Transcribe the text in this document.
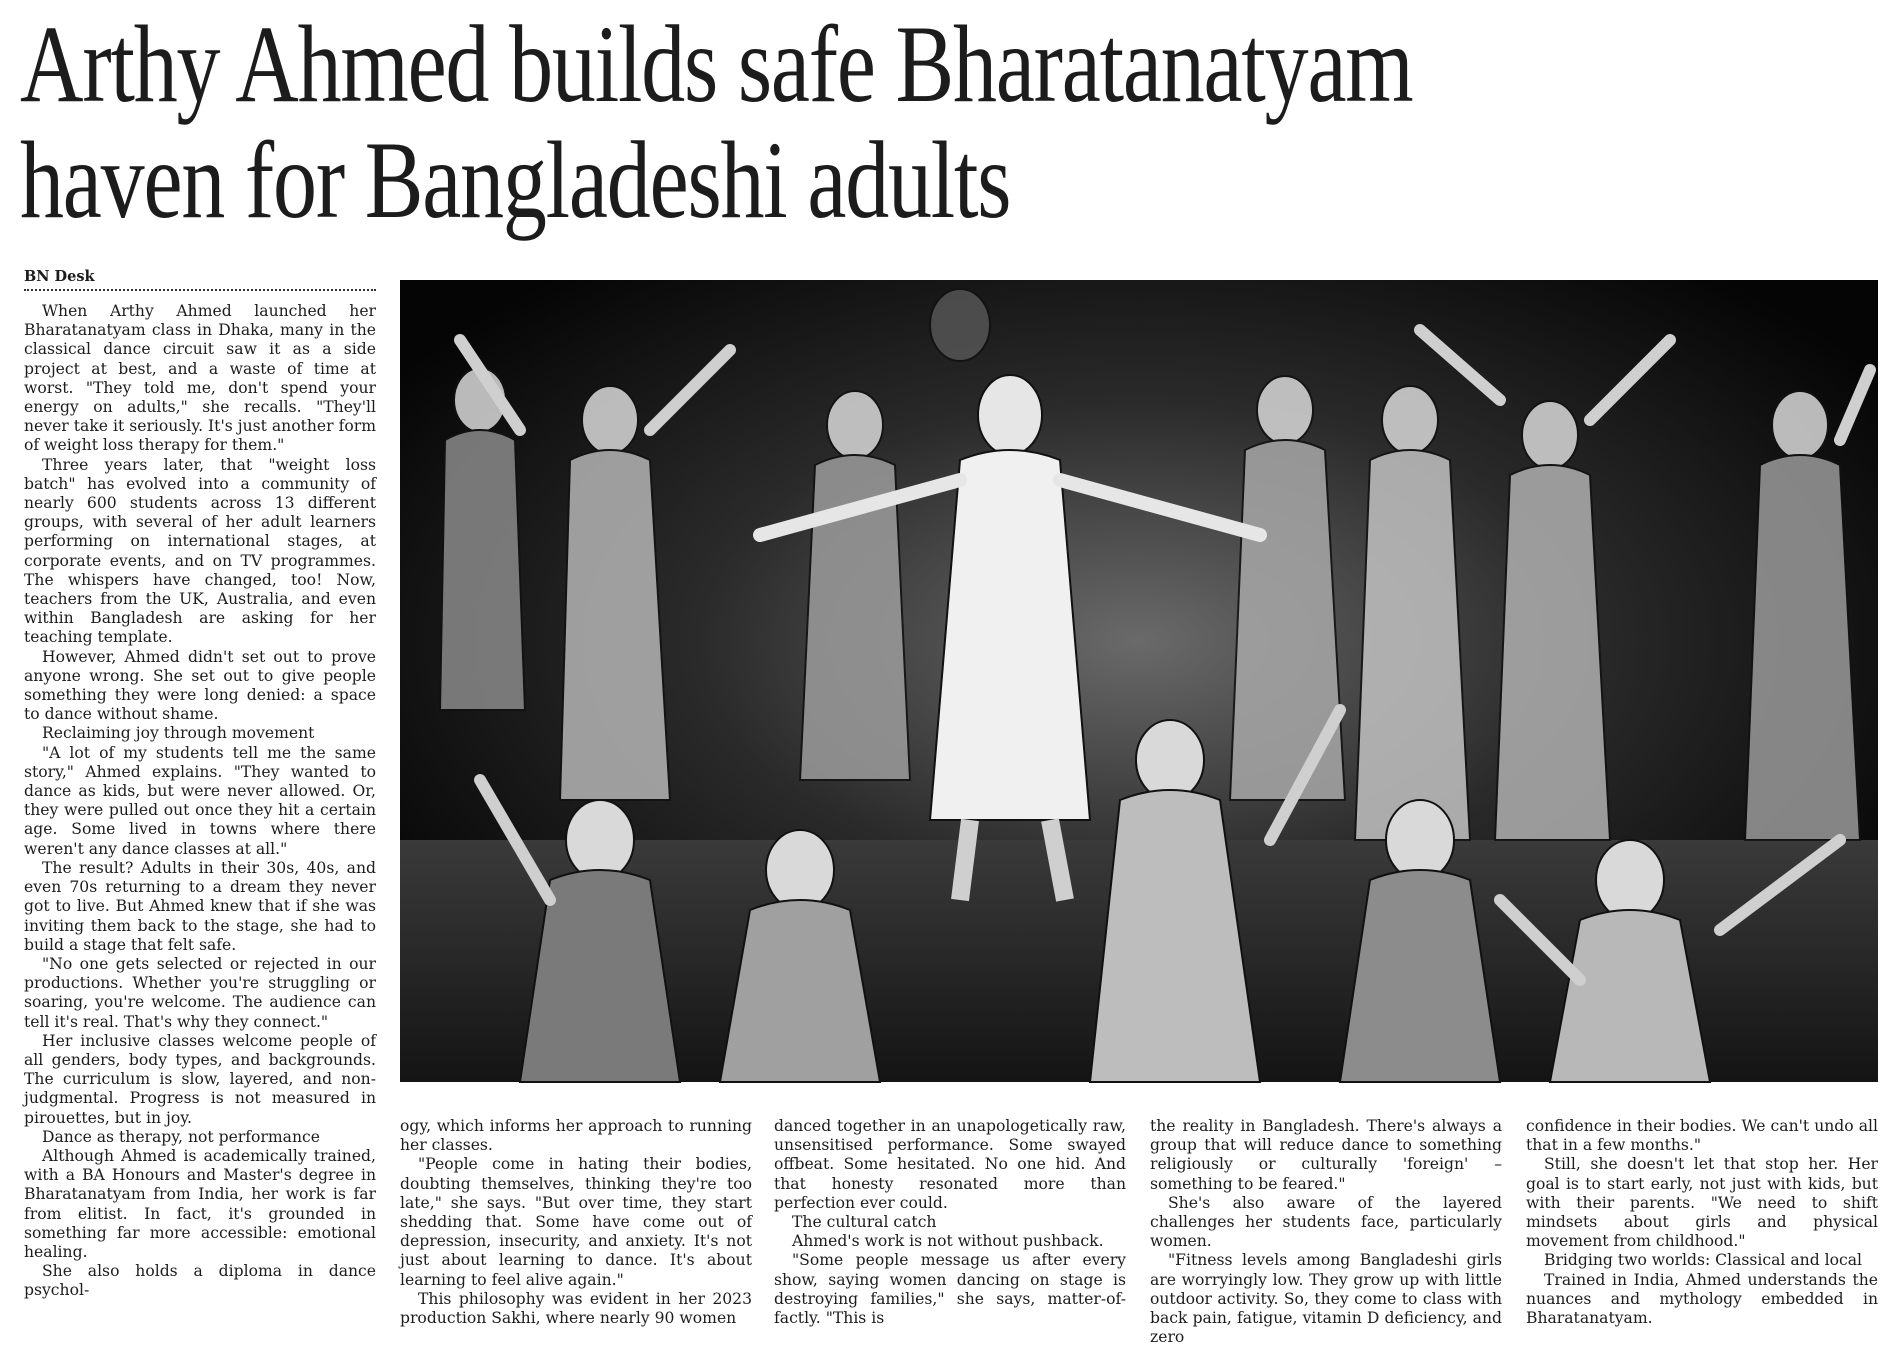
Arthy Ahmed builds safe Bharatanatyam
haven for Bangladeshi adults
BN Desk

When Arthy Ahmed launched her Bharatanatyam class in Dhaka, many in the classical dance circuit saw it as a side project at best, and a waste of time at worst. "They told me, don't spend your energy on adults," she recalls. "They'll never take it seriously. It's just another form of weight loss therapy for them."

Three years later, that "weight loss batch" has evolved into a community of nearly 600 students across 13 different groups, with several of her adult learners performing on international stages, at corporate events, and on TV programmes. The whispers have changed, too! Now, teachers from the UK, Australia, and even within Bangladesh are asking for her teaching template.

However, Ahmed didn't set out to prove anyone wrong. She set out to give people something they were long denied: a space to dance without shame.

Reclaiming joy through movement

"A lot of my students tell me the same story," Ahmed explains. "They wanted to dance as kids, but were never allowed. Or, they were pulled out once they hit a certain age. Some lived in towns where there weren't any dance classes at all."

The result? Adults in their 30s, 40s, and even 70s returning to a dream they never got to live. But Ahmed knew that if she was inviting them back to the stage, she had to build a stage that felt safe.

"No one gets selected or rejected in our productions. Whether you're struggling or soaring, you're welcome. The audience can tell it's real. That's why they connect."

Her inclusive classes welcome people of all genders, body types, and backgrounds. The curriculum is slow, layered, and non-judgmental. Progress is not measured in pirouettes, but in joy.

Dance as therapy, not performance

Although Ahmed is academically trained, with a BA Honours and Master's degree in Bharatanatyam from India, her work is far from elitist. In fact, it's grounded in something far more accessible: emotional healing.

She also holds a diploma in dance psychol-

ogy, which informs her approach to running her classes.

"People come in hating their bodies, doubting themselves, thinking they're too late," she says. "But over time, they start shedding that. Some have come out of depression, insecurity, and anxiety. It's not just about learning to dance. It's about learning to feel alive again."

This philosophy was evident in her 2023 production Sakhi, where nearly 90 women

danced together in an unapologetically raw, unsensitised performance. Some swayed offbeat. Some hesitated. No one hid. And that honesty resonated more than perfection ever could.

The cultural catch

Ahmed's work is not without pushback.

"Some people message us after every show, saying women dancing on stage is destroying families," she says, matter-of-factly. "This is

the reality in Bangladesh. There's always a group that will reduce dance to something religiously or culturally 'foreign' – something to be feared."

She's also aware of the layered challenges her students face, particularly women.

"Fitness levels among Bangladeshi girls are worryingly low. They grow up with little outdoor activity. So, they come to class with back pain, fatigue, vitamin D deficiency, and zero

confidence in their bodies. We can't undo all that in a few months."

Still, she doesn't let that stop her. Her goal is to start early, not just with kids, but with their parents. "We need to shift mindsets about girls and physical movement from childhood."

Bridging two worlds: Classical and local

Trained in India, Ahmed understands the nuances and mythology embedded in Bharatanatyam.
